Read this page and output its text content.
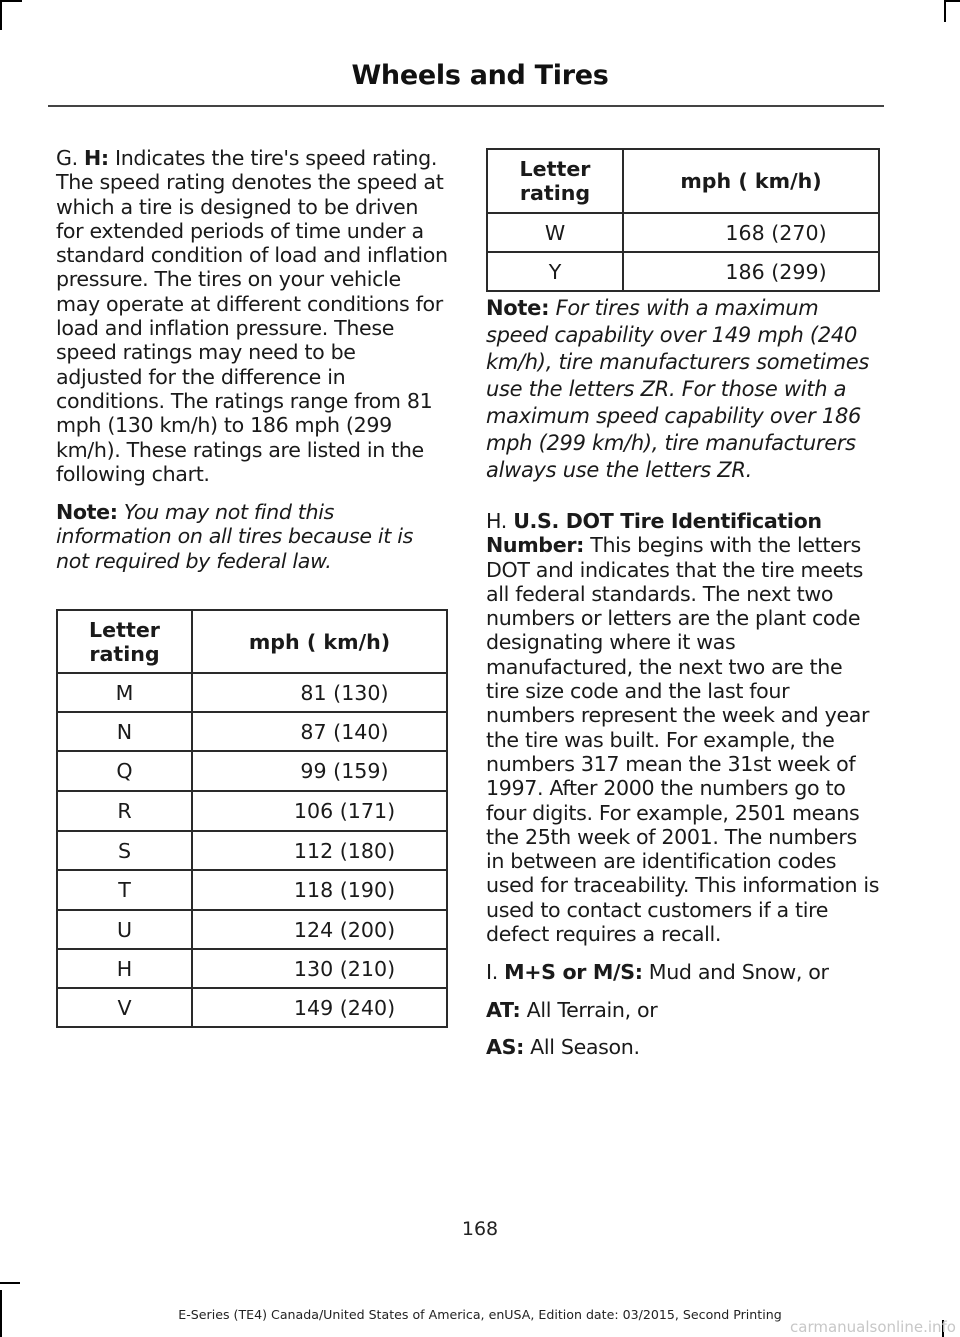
Wheels and Tires

G. H: Indicates the tire's speed rating. The speed rating denotes the speed at which a tire is designed to be driven for extended periods of time under a standard condition of load and inflation pressure. The tires on your vehicle may operate at different conditions for load and inflation pressure. These speed ratings may need to be adjusted for the difference in conditions. The ratings range from 81 mph (130 km/h) to 186 mph (299 km/h). These ratings are listed in the following chart.

Note: You may not find this information on all tires because it is not required by federal law.

Letter rating	mph ( km/h)
M	81 (130)
N	87 (140)
Q	99 (159)
R	106 (171)
S	112 (180)
T	118 (190)
U	124 (200)
H	130 (210)
V	149 (240)
Letter rating	mph ( km/h)
W	168 (270)
Y	186 (299)

Note: For tires with a maximum speed capability over 149 mph (240 km/h), tire manufacturers sometimes use the letters ZR. For those with a maximum speed capability over 186 mph (299 km/h), tire manufacturers always use the letters ZR.

H. U.S. DOT Tire Identification Number: This begins with the letters DOT and indicates that the tire meets all federal standards. The next two numbers or letters are the plant code designating where it was manufactured, the next two are the tire size code and the last four numbers represent the week and year the tire was built. For example, the numbers 317 mean the 31st week of 1997. After 2000 the numbers go to four digits. For example, 2501 means the 25th week of 2001. The numbers in between are identification codes used for traceability. This information is used to contact customers if a tire defect requires a recall.

I. M+S or M/S: Mud and Snow, or

AT: All Terrain, or

AS: All Season.

168
E-Series (TE4) Canada/United States of America, enUSA, Edition date: 03/2015, Second Printing
carmanualsonline.info
